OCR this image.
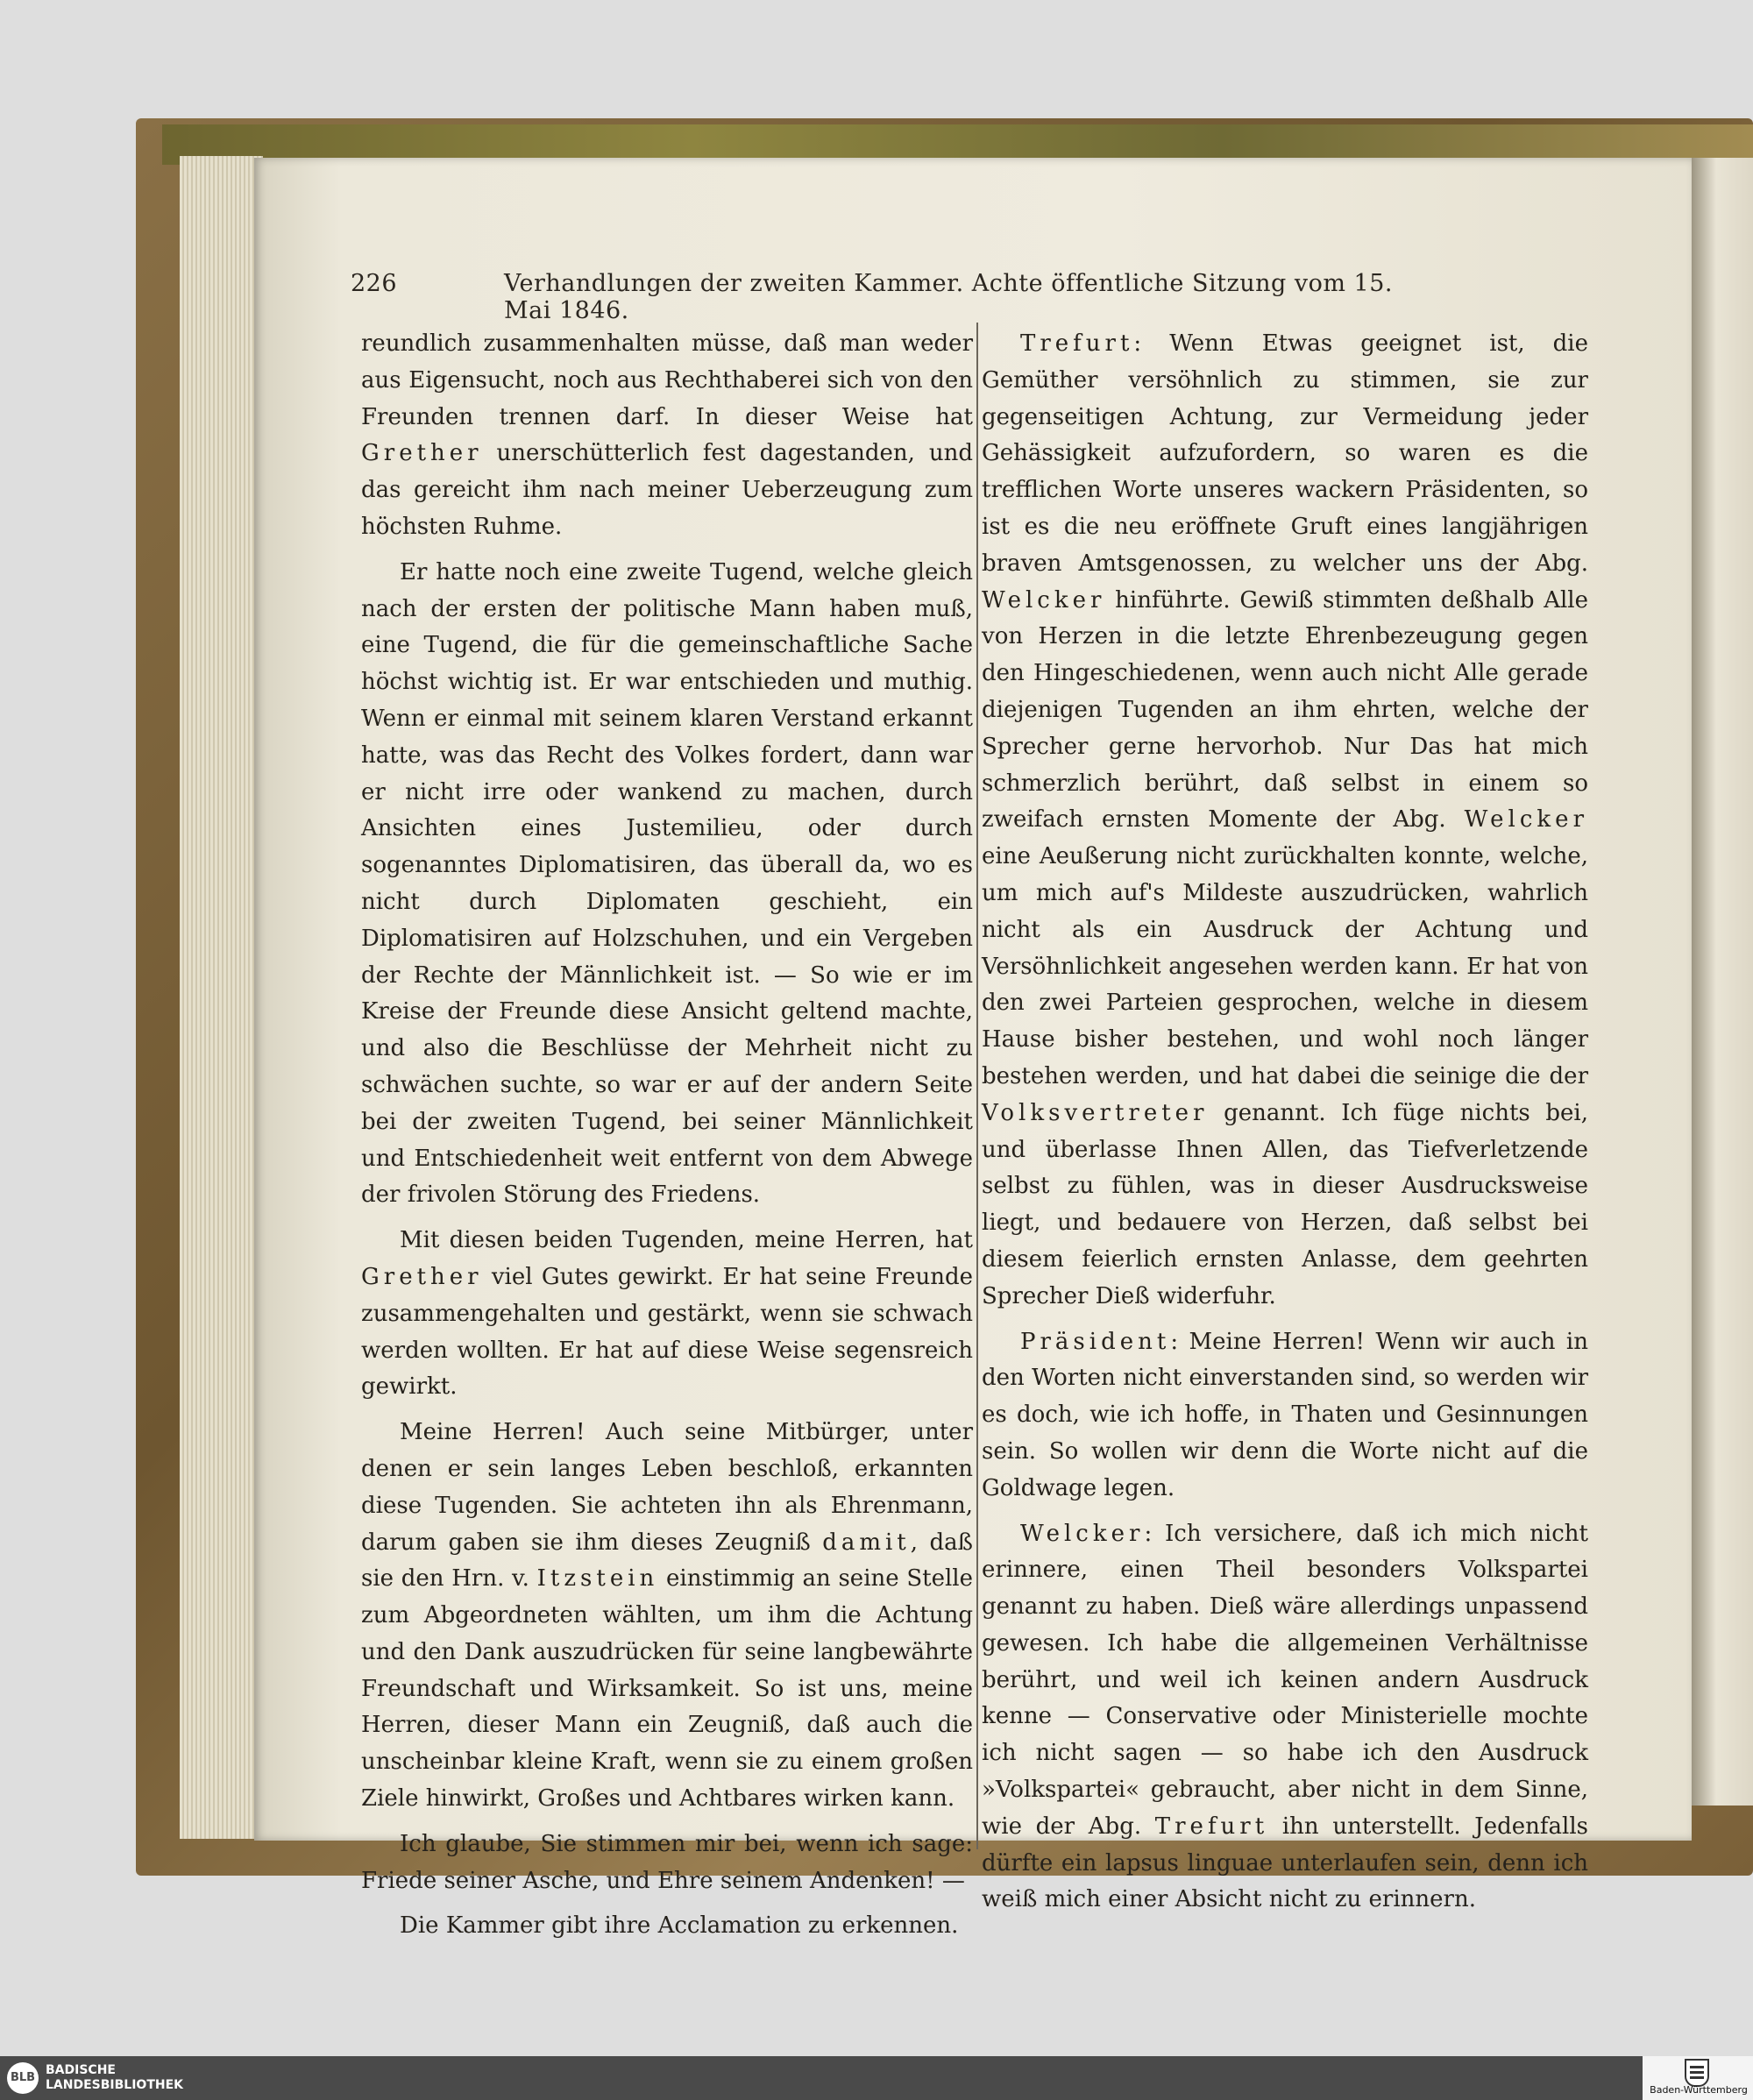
226	Verhandlungen der zweiten Kammer. Achte öffentliche Sitzung vom 15. Mai 1846.

reundlich zusammenhalten müsse, daß man weder aus Eigensucht, noch aus Rechthaberei sich von den Freunden trennen darf. In dieser Weise hat Grether unerschütterlich fest dagestanden, und das gereicht ihm nach meiner Ueberzeugung zum höchsten Ruhme.

Er hatte noch eine zweite Tugend, welche gleich nach der ersten der politische Mann haben muß, eine Tugend, die für die gemeinschaftliche Sache höchst wichtig ist. Er war entschieden und muthig. Wenn er einmal mit seinem klaren Verstand erkannt hatte, was das Recht des Volkes fordert, dann war er nicht irre oder wankend zu machen, durch Ansichten eines Justemilieu, oder durch sogenanntes Diplomatisiren, das überall da, wo es nicht durch Diplomaten geschieht, ein Diplomatisiren auf Holzschuhen, und ein Vergeben der Rechte der Männlichkeit ist. — So wie er im Kreise der Freunde diese Ansicht geltend machte, und also die Beschlüsse der Mehrheit nicht zu schwächen suchte, so war er auf der andern Seite bei der zweiten Tugend, bei seiner Männlichkeit und Entschiedenheit weit entfernt von dem Abwege der frivolen Störung des Friedens.

Mit diesen beiden Tugenden, meine Herren, hat Grether viel Gutes gewirkt. Er hat seine Freunde zusammengehalten und gestärkt, wenn sie schwach werden wollten. Er hat auf diese Weise segensreich gewirkt.

Meine Herren! Auch seine Mitbürger, unter denen er sein langes Leben beschloß, erkannten diese Tugenden. Sie achteten ihn als Ehrenmann, darum gaben sie ihm dieses Zeugniß damit, daß sie den Hrn. v. Itzstein einstimmig an seine Stelle zum Abgeordneten wählten, um ihm die Achtung und den Dank auszudrücken für seine langbewährte Freundschaft und Wirksamkeit. So ist uns, meine Herren, dieser Mann ein Zeugniß, daß auch die unscheinbar kleine Kraft, wenn sie zu einem großen Ziele hinwirkt, Großes und Achtbares wirken kann.

Ich glaube, Sie stimmen mir bei, wenn ich sage: Friede seiner Asche, und Ehre seinem Andenken! —

Die Kammer gibt ihre Acclamation zu erkennen.

Trefurt: Wenn Etwas geeignet ist, die Gemüther versöhnlich zu stimmen, sie zur gegenseitigen Achtung, zur Vermeidung jeder Gehässigkeit aufzufordern, so waren es die trefflichen Worte unseres wackern Präsidenten, so ist es die neu eröffnete Gruft eines langjährigen braven Amtsgenossen, zu welcher uns der Abg. Welcker hinführte. Gewiß stimmten deßhalb Alle von Herzen in die letzte Ehrenbezeugung gegen den Hingeschiedenen, wenn auch nicht Alle gerade diejenigen Tugenden an ihm ehrten, welche der Sprecher gerne hervorhob. Nur Das hat mich schmerzlich berührt, daß selbst in einem so zweifach ernsten Momente der Abg. Welcker eine Aeußerung nicht zurückhalten konnte, welche, um mich auf's Mildeste auszudrücken, wahrlich nicht als ein Ausdruck der Achtung und Versöhnlichkeit angesehen werden kann. Er hat von den zwei Parteien gesprochen, welche in diesem Hause bisher bestehen, und wohl noch länger bestehen werden, und hat dabei die seinige die der Volksvertreter genannt. Ich füge nichts bei, und überlasse Ihnen Allen, das Tiefverletzende selbst zu fühlen, was in dieser Ausdrucksweise liegt, und bedauere von Herzen, daß selbst bei diesem feierlich ernsten Anlasse, dem geehrten Sprecher Dieß widerfuhr.

Präsident: Meine Herren! Wenn wir auch in den Worten nicht einverstanden sind, so werden wir es doch, wie ich hoffe, in Thaten und Gesinnungen sein. So wollen wir denn die Worte nicht auf die Goldwage legen.

Welcker: Ich versichere, daß ich mich nicht erinnere, einen Theil besonders Volkspartei genannt zu haben. Dieß wäre allerdings unpassend gewesen. Ich habe die allgemeinen Verhältnisse berührt, und weil ich keinen andern Ausdruck kenne — Conservative oder Ministerielle mochte ich nicht sagen — so habe ich den Ausdruck »Volkspartei« gebraucht, aber nicht in dem Sinne, wie der Abg. Trefurt ihn unterstellt. Jedenfalls dürfte ein lapsus linguae unterlaufen sein, denn ich weiß mich einer Absicht nicht zu erinnern.

BLB
BADISCHE
LANDESBIBLIOTHEK	Baden-Württemberg
